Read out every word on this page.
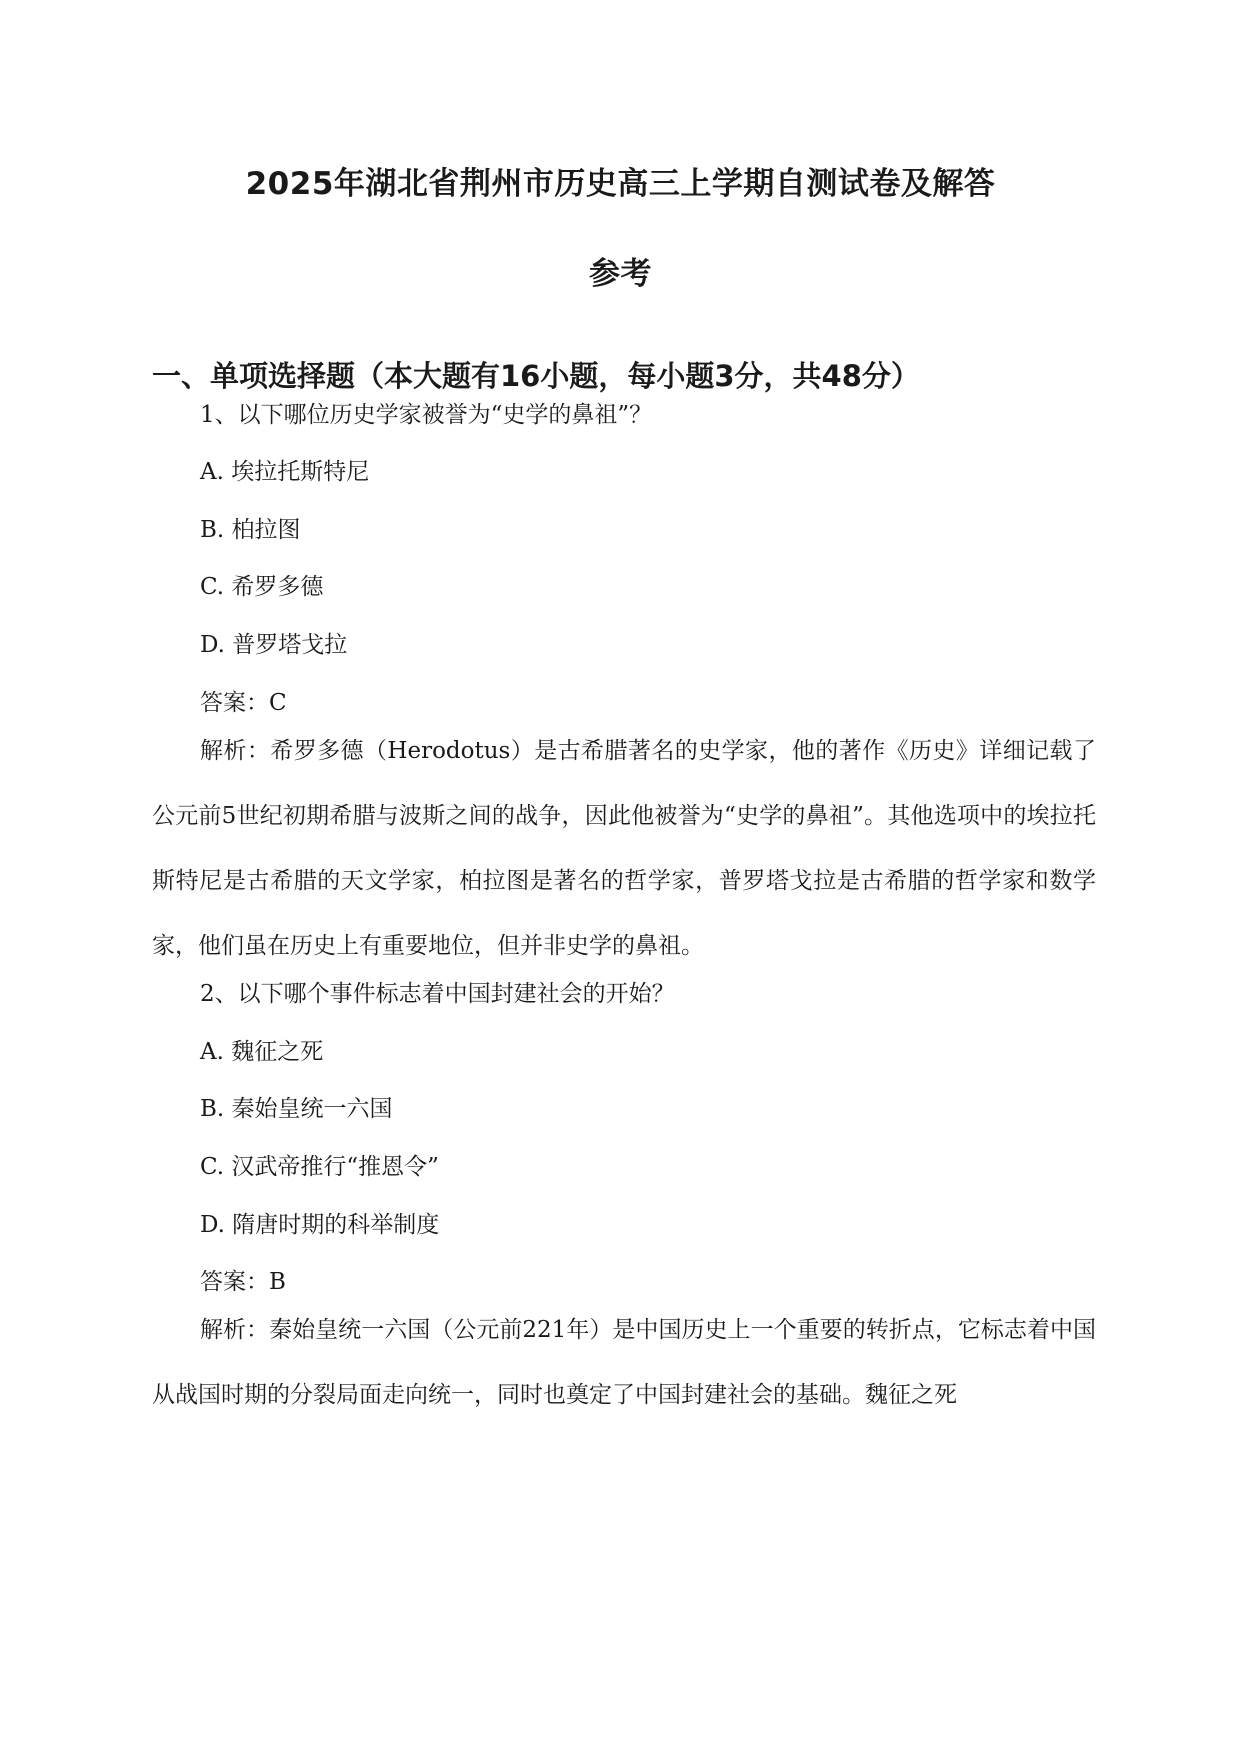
2025年湖北省荆州市历史高三上学期自测试卷及解答
参考
一、单项选择题（本大题有16小题，每小题3分，共48分）
1、以下哪位历史学家被誉为“史学的鼻祖”？
A. 埃拉托斯特尼
B. 柏拉图
C. 希罗多德
D. 普罗塔戈拉
答案：C
解析：希罗多德（Herodotus）是古希腊著名的史学家，他的著作《历史》详细记载了公元前5世纪初期希腊与波斯之间的战争，因此他被誉为“史学的鼻祖”。其他选项中的埃拉托斯特尼是古希腊的天文学家，柏拉图是著名的哲学家，普罗塔戈拉是古希腊的哲学家和数学家，他们虽在历史上有重要地位，但并非史学的鼻祖。
2、以下哪个事件标志着中国封建社会的开始？
A. 魏征之死
B. 秦始皇统一六国
C. 汉武帝推行“推恩令”
D. 隋唐时期的科举制度
答案：B
解析：秦始皇统一六国（公元前221年）是中国历史上一个重要的转折点，它标志着中国从战国时期的分裂局面走向统一，同时也奠定了中国封建社会的基础。魏征之死
